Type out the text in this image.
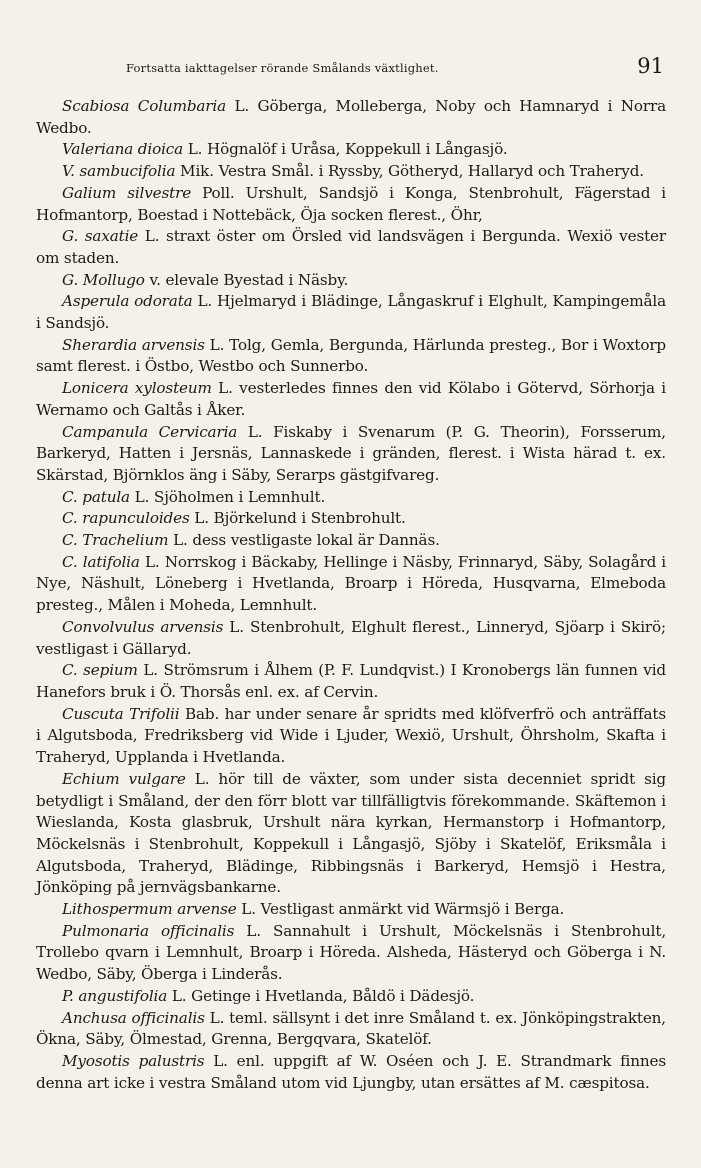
Fortsatta iakttagelser rörande Smålands växtlighet.	91

Scabiosa Columbaria L. Göberga, Molleberga, Noby och Hamnaryd i Norra Wedbo.

Valeriana dioica L. Högnalöf i Uråsa, Koppekull i Långasjö.

V. sambucifolia Mik. Vestra Smål. i Ryssby, Götheryd, Hallaryd och Traheryd.

Galium silvestre Poll. Urshult, Sandsjö i Konga, Stenbrohult, Fägerstad i Hofmantorp, Boestad i Nottebäck, Öja socken flerest., Öhr,

G. saxatie L. straxt öster om Örsled vid landsvägen i Bergunda. Wexiö vester om staden.

G. Mollugo v. elevale Byestad i Näsby.

Asperula odorata L. Hjelmaryd i Blädinge, Långaskruf i Elghult, Kampingemåla i Sandsjö.

Sherardia arvensis L. Tolg, Gemla, Bergunda, Härlunda presteg., Bor i Woxtorp samt flerest. i Östbo, Westbo och Sunnerbo.

Lonicera xylosteum L. vesterledes finnes den vid Kölabo i Götervd, Sörhorja i Wernamo och Galtås i Åker.

Campanula Cervicaria L. Fiskaby i Svenarum (P. G. Theorin), Forsserum, Barkeryd, Hatten i Jersnäs, Lannaskede i gränden, flerest. i Wista härad t. ex. Skärstad, Björnklos äng i Säby, Serarps gästgifvareg.

C. patula L. Sjöholmen i Lemnhult.

C. rapunculoides L. Björkelund i Stenbrohult.

C. Trachelium L. dess vestligaste lokal är Dannäs.

C. latifolia L. Norrskog i Bäckaby, Hellinge i Näsby, Frinnaryd, Säby, Solagård i Nye, Näshult, Löneberg i Hvetlanda, Broarp i Höreda, Husqvarna, Elmeboda presteg., Målen i Moheda, Lemnhult.

Convolvulus arvensis L. Stenbrohult, Elghult flerest., Linneryd, Sjöarp i Skirö; vestligast i Gällaryd.

C. sepium L. Strömsrum i Ålhem (P. F. Lundqvist.) I Kronobergs län funnen vid Hanefors bruk i Ö. Thorsås enl. ex. af Cervin.

Cuscuta Trifolii Bab. har under senare år spridts med klöfverfrö och anträffats i Algutsboda, Fredriksberg vid Wide i Ljuder, Wexiö, Urshult, Öhrsholm, Skafta i Traheryd, Upplanda i Hvetlanda.

Echium vulgare L. hör till de växter, som under sista decenniet spridt sig betydligt i Småland, der den förr blott var tillfälligtvis förekommande. Skäftemon i Wieslanda, Kosta glasbruk, Urshult nära kyrkan, Hermanstorp i Hofmantorp, Möckelsnäs i Stenbrohult, Koppekull i Långasjö, Sjöby i Skatelöf, Eriksmåla i Algutsboda, Traheryd, Blädinge, Ribbingsnäs i Barkeryd, Hemsjö i Hestra, Jönköping på jernvägsbankarne.

Lithospermum arvense L. Vestligast anmärkt vid Wärmsjö i Berga.

Pulmonaria officinalis L. Sannahult i Urshult, Möckelsnäs i Stenbrohult, Trollebo qvarn i Lemnhult, Broarp i Höreda. Alsheda, Hästeryd och Göberga i N. Wedbo, Säby, Öberga i Linderås.

P. angustifolia L. Getinge i Hvetlanda, Båldö i Dädesjö.

Anchusa officinalis L. teml. sällsynt i det inre Småland t. ex. Jönköpingstrakten, Ökna, Säby, Ölmestad, Grenna, Bergqvara, Skatelöf.

Myosotis palustris L. enl. uppgift af W. Oséen och J. E. Strandmark finnes denna art icke i vestra Småland utom vid Ljungby, utan ersättes af M. cæspitosa.
